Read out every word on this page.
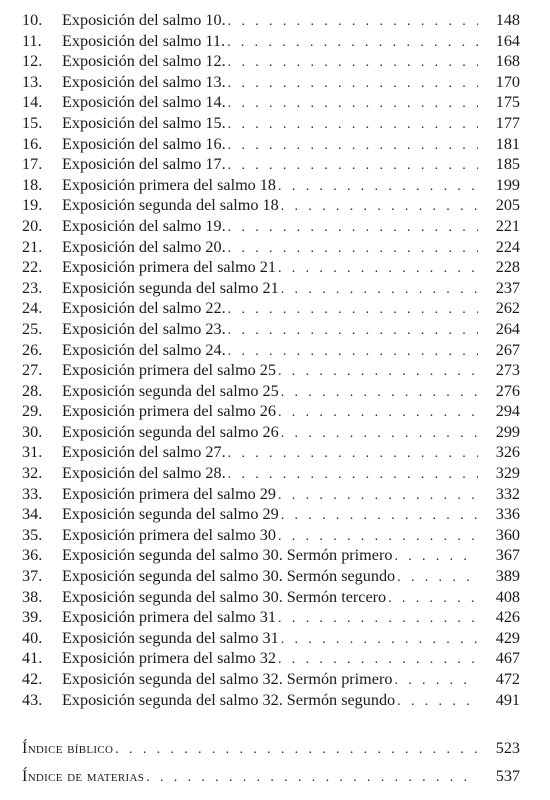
10.	Exposición del salmo 10. . . .	148
11.	Exposición del salmo 11. . . .	164
12.	Exposición del salmo 12. . . .	168
13.	Exposición del salmo 13. . . .	170
14.	Exposición del salmo 14. . . .	175
15.	Exposición del salmo 15. . . .	177
16.	Exposición del salmo 16. . . .	181
17.	Exposición del salmo 17. . . .	185
18.	Exposición primera del salmo 18 . . .	199
19.	Exposición segunda del salmo 18 . . .	205
20.	Exposición del salmo 19. . . .	221
21.	Exposición del salmo 20. . . .	224
22.	Exposición primera del salmo 21 . . .	228
23.	Exposición segunda del salmo 21 . . .	237
24.	Exposición del salmo 22. . . .	262
25.	Exposición del salmo 23. . . .	264
26.	Exposición del salmo 24. . . .	267
27.	Exposición primera del salmo 25 . . .	273
28.	Exposición segunda del salmo 25 . . .	276
29.	Exposición primera del salmo 26 . . .	294
30.	Exposición segunda del salmo 26 . . .	299
31.	Exposición del salmo 27. . . .	326
32.	Exposición del salmo 28. . . .	329
33.	Exposición primera del salmo 29 . . .	332
34.	Exposición segunda del salmo 29 . . .	336
35.	Exposición primera del salmo 30 . . .	360
36.	Exposición segunda del salmo 30. Sermón primero . . .	367
37.	Exposición segunda del salmo 30. Sermón segundo . . .	389
38.	Exposición segunda del salmo 30. Sermón tercero . . .	408
39.	Exposición primera del salmo 31 . . .	426
40.	Exposición segunda del salmo 31 . . .	429
41.	Exposición primera del salmo 32 . . .	467
42.	Exposición segunda del salmo 32. Sermón primero . . .	472
43.	Exposición segunda del salmo 32. Sermón segundo . . .	491
Índice bíblico . . .	523
Índice de materias . . .	537
